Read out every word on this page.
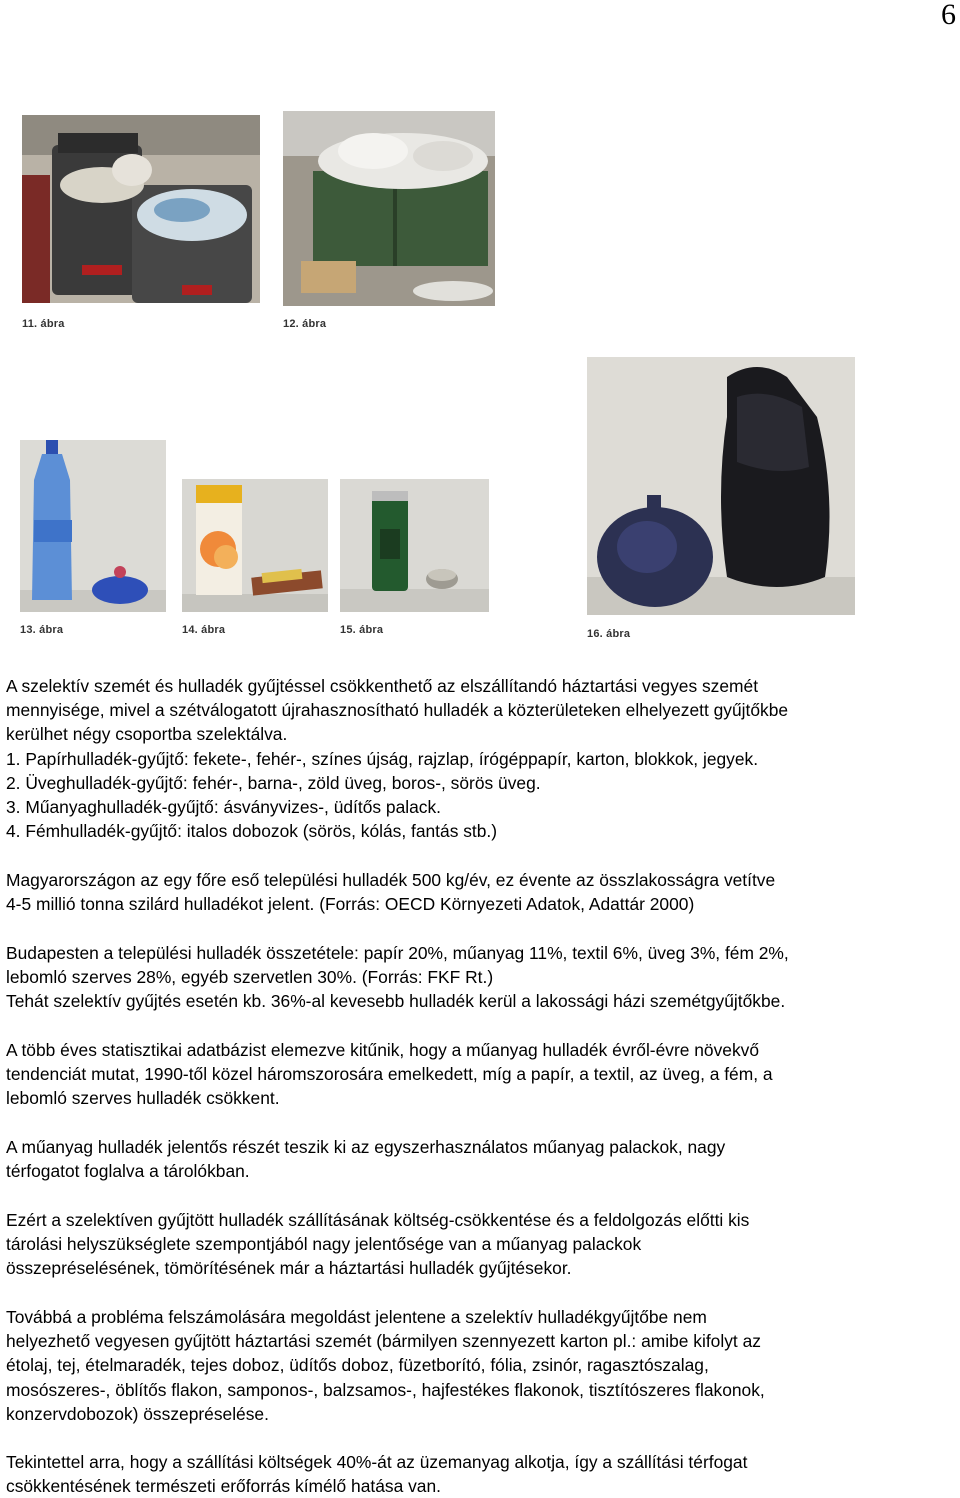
6
11. ábra	12. ábra
13. ábra	14. ábra	15. ábra	16. ábra
A szelektív szemét és hulladék gyűjtéssel csökkenthető az elszállítandó háztartási vegyes szemét
mennyisége, mivel a szétválogatott újrahasznosítható hulladék a közterületeken elhelyezett gyűjtőkbe
kerülhet négy csoportba szelektálva.
1. Papírhulladék-gyűjtő: fekete-, fehér-, színes újság, rajzlap, írógéppapír, karton, blokkok, jegyek.
2. Üveghulladék-gyűjtő: fehér-, barna-, zöld üveg, boros-, sörös üveg.
3. Műanyaghulladék-gyűjtő: ásványvizes-, üdítős palack.
4. Fémhulladék-gyűjtő: italos dobozok (sörös, kólás, fantás stb.)
Magyarországon az egy főre eső települési hulladék 500 kg/év, ez évente az összlakosságra vetítve
4-5 millió tonna szilárd hulladékot jelent. (Forrás: OECD Környezeti Adatok, Adattár 2000)
Budapesten a települési hulladék összetétele: papír 20%, műanyag 11%, textil 6%, üveg 3%, fém 2%,
lebomló szerves 28%, egyéb szervetlen 30%. (Forrás: FKF Rt.)
Tehát szelektív gyűjtés esetén kb. 36%-al kevesebb hulladék kerül a lakossági házi szemétgyűjtőkbe.
A több éves statisztikai adatbázist elemezve kitűnik, hogy a műanyag hulladék évről-évre növekvő
tendenciát mutat, 1990-től közel háromszorosára emelkedett, míg a papír, a textil, az üveg, a fém, a
lebomló szerves hulladék csökkent.
A műanyag hulladék jelentős részét teszik ki az egyszerhasználatos műanyag palackok, nagy
térfogatot foglalva a tárolókban.
Ezért a szelektíven gyűjtött hulladék szállításának költség-csökkentése és a feldolgozás előtti kis
tárolási helyszükséglete szempontjából nagy jelentősége van a műanyag palackok
összepréselésének, tömörítésének már a háztartási hulladék gyűjtésekor.
Továbbá a probléma felszámolására megoldást jelentene a szelektív hulladékgyűjtőbe nem
helyezhető vegyesen gyűjtött háztartási szemét (bármilyen szennyezett karton pl.: amibe kifolyt az
étolaj, tej, ételmaradék, tejes doboz, üdítős doboz, füzetborító, fólia, zsinór, ragasztószalag,
mosószeres-, öblítős flakon, samponos-, balzsamos-, hajfestékes flakonok, tisztítószeres flakonok,
konzervdobozok) összepréselése.
Tekintettel arra, hogy a szállítási költségek 40%-át az üzemanyag alkotja, így a szállítási térfogat
csökkentésének természeti erőforrás kímélő hatása van.
